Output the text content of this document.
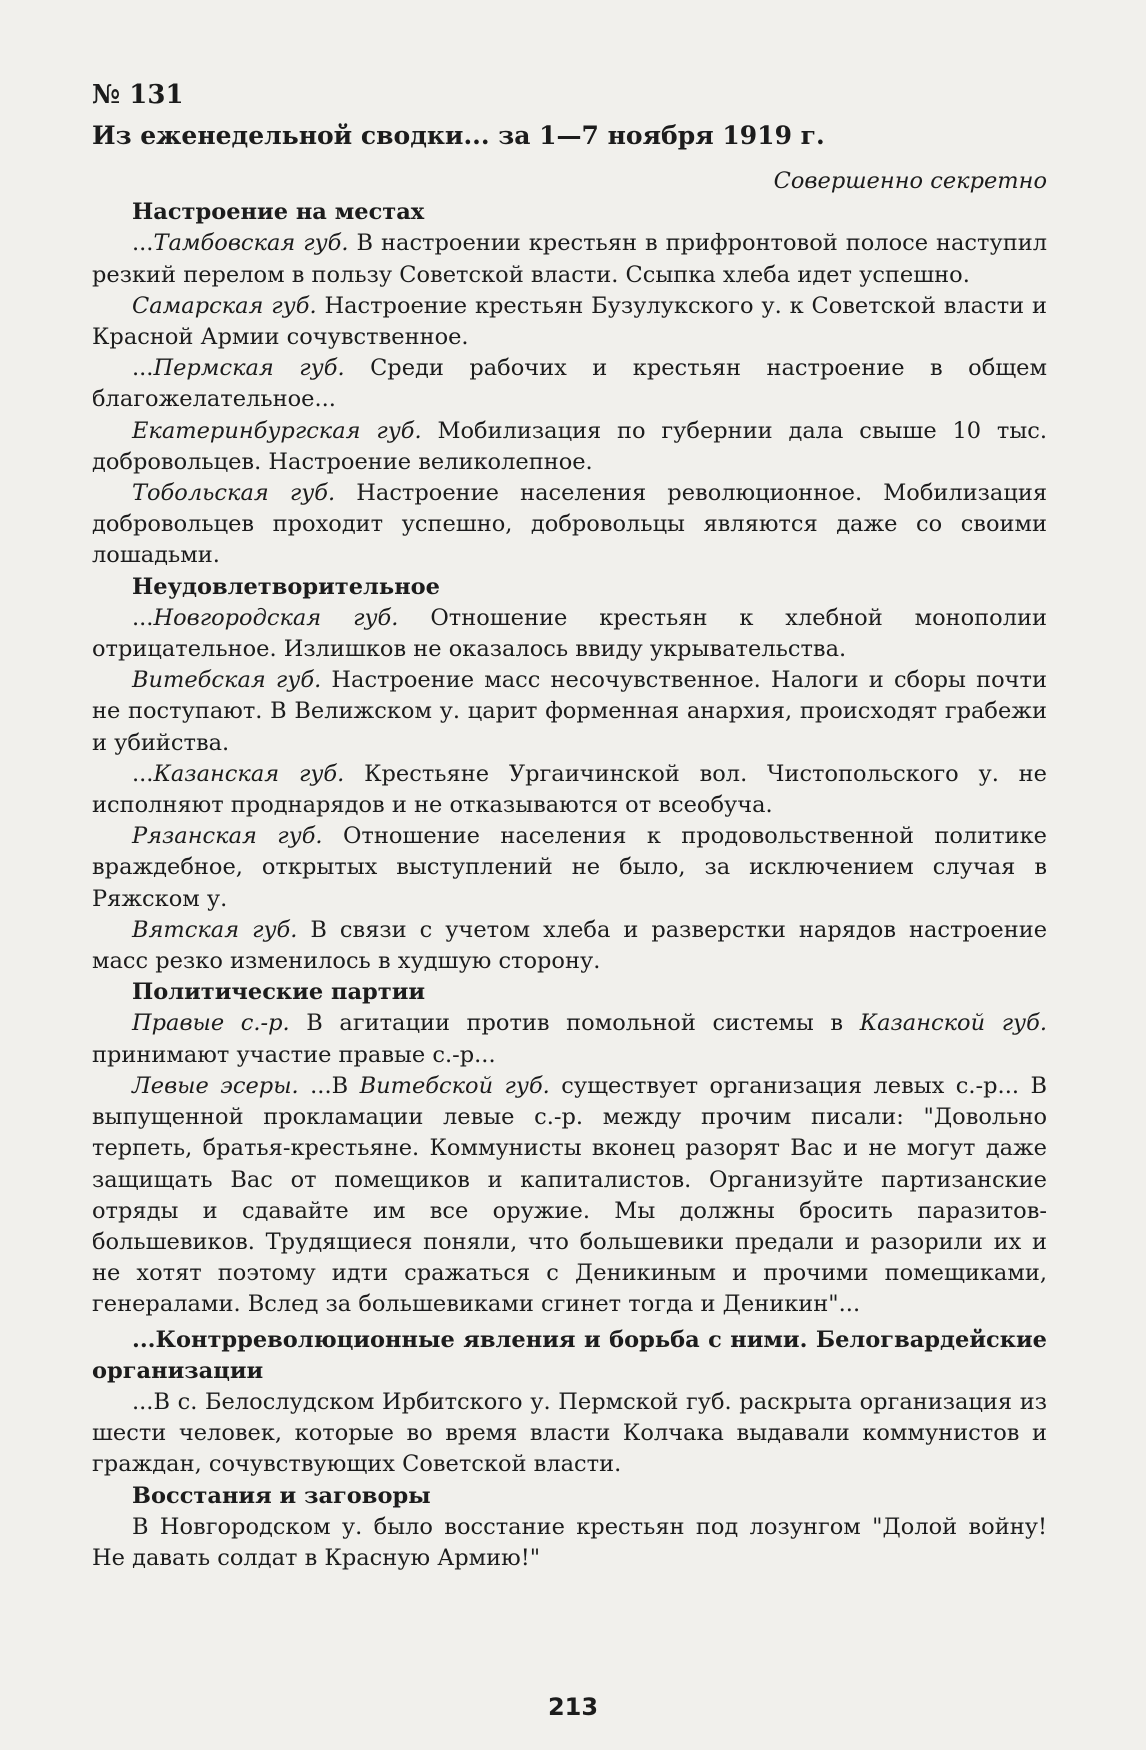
№ 131
Из еженедельной сводки... за 1—7 ноября 1919 г.
Совершенно секретно
Настроение на местах
...Тамбовская губ. В настроении крестьян в прифронтовой полосе наступил резкий перелом в пользу Советской власти. Ссыпка хлеба идет успешно.
Самарская губ. Настроение крестьян Бузулукского у. к Советской власти и Красной Армии сочувственное.
...Пермская губ. Среди рабочих и крестьян настроение в общем благожелательное...
Екатеринбургская губ. Мобилизация по губернии дала свыше 10 тыс. добровольцев. Настроение великолепное.
Тобольская губ. Настроение населения революционное. Мобилизация добровольцев проходит успешно, добровольцы являются даже со своими лошадьми.
Неудовлетворительное
...Новгородская губ. Отношение крестьян к хлебной монополии отрицательное. Излишков не оказалось ввиду укрывательства.
Витебская губ. Настроение масс несочувственное. Налоги и сборы почти не поступают. В Велижском у. царит форменная анархия, происходят грабежи и убийства.
...Казанская губ. Крестьяне Ургаичинской вол. Чистопольского у. не исполняют проднарядов и не отказываются от всеобуча.
Рязанская губ. Отношение населения к продовольственной политике враждебное, открытых выступлений не было, за исключением случая в Ряжском у.
Вятская губ. В связи с учетом хлеба и разверстки нарядов настроение масс резко изменилось в худшую сторону.
Политические партии
Правые с.-р. В агитации против помольной системы в Казанской губ. принимают участие правые с.-р...
Левые эсеры. ...В Витебской губ. существует организация левых с.-р... В выпущенной прокламации левые с.-р. между прочим писали: "Довольно терпеть, братья-крестьяне. Коммунисты вконец разорят Вас и не могут даже защищать Вас от помещиков и капиталистов. Организуйте партизанские отряды и сдавайте им все оружие. Мы должны бросить паразитов-большевиков. Трудящиеся поняли, что большевики предали и разорили их и не хотят поэтому идти сражаться с Деникиным и прочими помещиками, генералами. Вслед за большевиками сгинет тогда и Деникин"...
...Контрреволюционные явления и борьба с ними. Белогвардейские организации
...В с. Белослудском Ирбитского у. Пермской губ. раскрыта организация из шести человек, которые во время власти Колчака выдавали коммунистов и граждан, сочувствующих Советской власти.
Восстания и заговоры
В Новгородском у. было восстание крестьян под лозунгом "Долой войну! Не давать солдат в Красную Армию!"
213
